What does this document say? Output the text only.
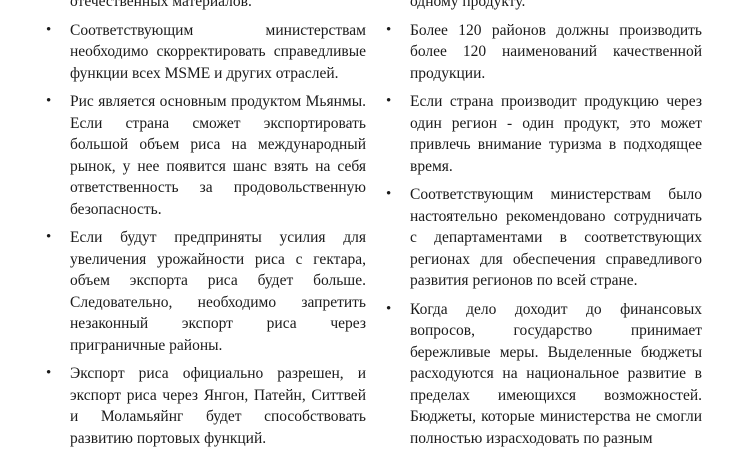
отечественных материалов.
•	Соответствующим министерствам необходимо скорректировать справедливые функции всех MSME и других отраслей.
•	Рис является основным продуктом Мьянмы. Если страна сможет экспортировать большой объем риса на международный рынок, у нее появится шанс взять на себя ответственность за продовольственную безопасность.
•	Если будут предприняты усилия для увеличения урожайности риса с гектара, объем экспорта риса будет больше. Следовательно, необходимо запретить незаконный экспорт риса через приграничные районы.
•	Экспорт риса официально разрешен, и экспорт риса через Янгон, Патейн, Ситтвей и Моламьяйнг будет способствовать развитию портовых функций.
одному продукту.
•	Более 120 районов должны производить более 120 наименований качественной продукции.
•	Если страна производит продукцию через один регион - один продукт, это может привлечь внимание туризма в подходящее время.
•	Соответствующим министерствам было настоятельно рекомендовано сотрудничать с департаментами в соответствующих регионах для обеспечения справедливого развития регионов по всей стране.
•	Когда дело доходит до финансовых вопросов, государство принимает бережливые меры. Выделенные бюджеты расходуются на национальное развитие в пределах имеющихся возможностей. Бюджеты, которые министерства не смогли полностью израсходовать по разным
